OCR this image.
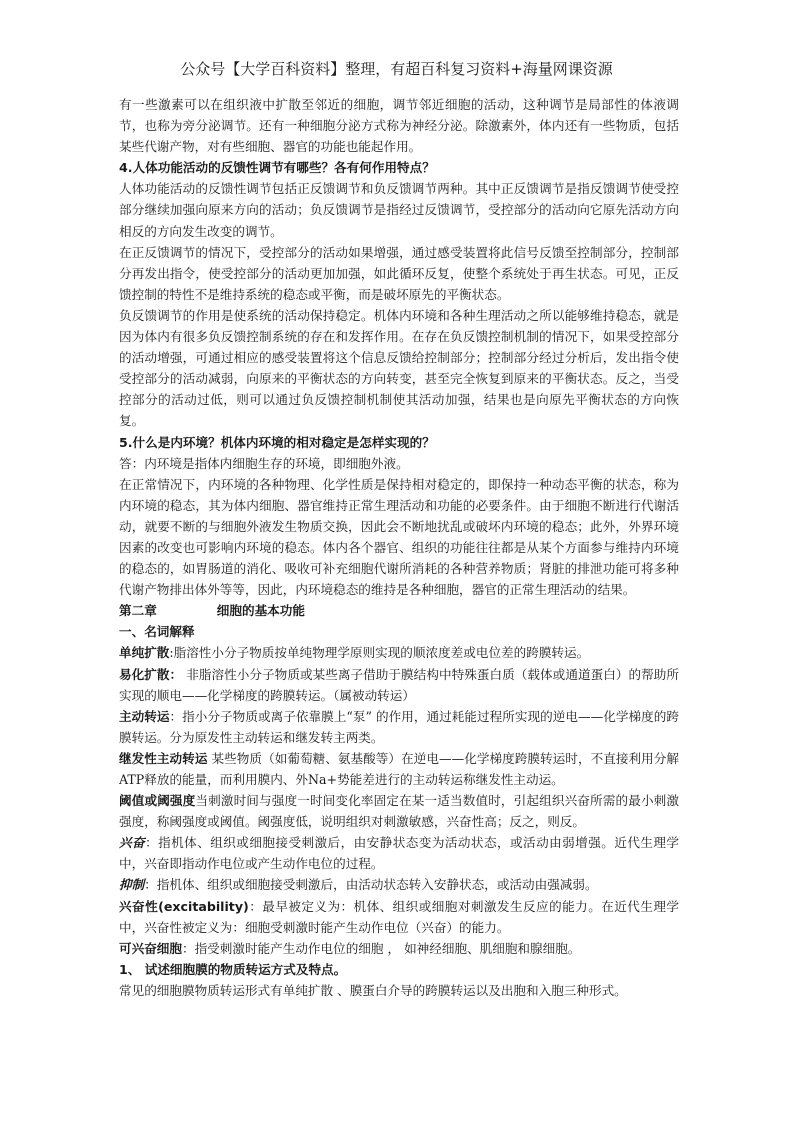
公众号【大学百科资料】整理，有超百科复习资料+海量网课资源

有一些激素可以在组织液中扩散至邻近的细胞，调节邻近细胞的活动，这种调节是局部性的体液调节，也称为旁分泌调节。还有一种细胞分泌方式称为神经分泌。除激素外，体内还有一些物质，包括某些代谢产物，对有些细胞、器官的功能也能起作用。

4.人体功能活动的反馈性调节有哪些？各有何作用特点？

人体功能活动的反馈性调节包括正反馈调节和负反馈调节两种。其中正反馈调节是指反馈调节使受控部分继续加强向原来方向的活动；负反馈调节是指经过反馈调节，受控部分的活动向它原先活动方向相反的方向发生改变的调节。

在正反馈调节的情况下，受控部分的活动如果增强，通过感受装置将此信号反馈至控制部分，控制部分再发出指令，使受控部分的活动更加加强，如此循环反复，使整个系统处于再生状态。可见，正反馈控制的特性不是维持系统的稳态或平衡，而是破坏原先的平衡状态。

负反馈调节的作用是使系统的活动保持稳定。机体内环境和各种生理活动之所以能够维持稳态，就是因为体内有很多负反馈控制系统的存在和发挥作用。在存在负反馈控制机制的情况下，如果受控部分的活动增强，可通过相应的感受装置将这个信息反馈给控制部分；控制部分经过分析后，发出指令使受控部分的活动减弱，向原来的平衡状态的方向转变，甚至完全恢复到原来的平衡状态。反之，当受控部分的活动过低，则可以通过负反馈控制机制使其活动加强，结果也是向原先平衡状态的方向恢复。

5.什么是内环境？机体内环境的相对稳定是怎样实现的？

答：内环境是指体内细胞生存的环境，即细胞外液。

在正常情况下，内环境的各种物理、化学性质是保持相对稳定的，即保持一种动态平衡的状态，称为内环境的稳态，其为体内细胞、器官维持正常生理活动和功能的必要条件。由于细胞不断进行代谢活动，就要不断的与细胞外液发生物质交换，因此会不断地扰乱或破坏内环境的稳态；此外，外界环境因素的改变也可影响内环境的稳态。体内各个器官、组织的功能往往都是从某个方面参与维持内环境的稳态的，如胃肠道的消化、吸收可补充细胞代谢所消耗的各种营养物质；肾脏的排泄功能可将多种代谢产物排出体外等等，因此，内环境稳态的维持是各种细胞，器官的正常生理活动的结果。

第二章	细胞的基本功能

一、名词解释

单纯扩散:脂溶性小分子物质按单纯物理学原则实现的顺浓度差或电位差的跨膜转运。

易化扩散： 非脂溶性小分子物质或某些离子借助于膜结构中特殊蛋白质（载体或通道蛋白）的帮助所实现的顺电——化学梯度的跨膜转运。（属被动转运）

主动转运：指小分子物质或离子依靠膜上“泵” 的作用，通过耗能过程所实现的逆电——化学梯度的跨膜转运。分为原发性主动转运和继发转主两类。

继发性主动转运 某些物质（如葡萄糖、氨基酸等）在逆电——化学梯度跨膜转运时，不直接利用分解ATP释放的能量，而利用膜内、外Na+势能差进行的主动转运称继发性主动运。

阈值或阈强度当刺激时间与强度一时间变化率固定在某一适当数值时，引起组织兴奋所需的最小刺激强度，称阈强度或阈值。阈强度低，说明组织对刺激敏感，兴奋性高；反之，则反。

兴奋：指机体、组织或细胞接受刺激后，由安静状态变为活动状态，或活动由弱增强。近代生理学中，兴奋即指动作电位或产生动作电位的过程。

抑制：指机体、组织或细胞接受刺激后，由活动状态转入安静状态，或活动由强减弱。

兴奋性(excitability)：最早被定义为：机体、组织或细胞对刺激发生反应的能力。在近代生理学中，兴奋性被定义为：细胞受刺激时能产生动作电位（兴奋）的能力。

可兴奋细胞：指受刺激时能产生动作电位的细胞 ， 如神经细胞、肌细胞和腺细胞。

1、 试述细胞膜的物质转运方式及特点。

常见的细胞膜物质转运形式有单纯扩散 、膜蛋白介导的跨膜转运以及出胞和入胞三种形式。
